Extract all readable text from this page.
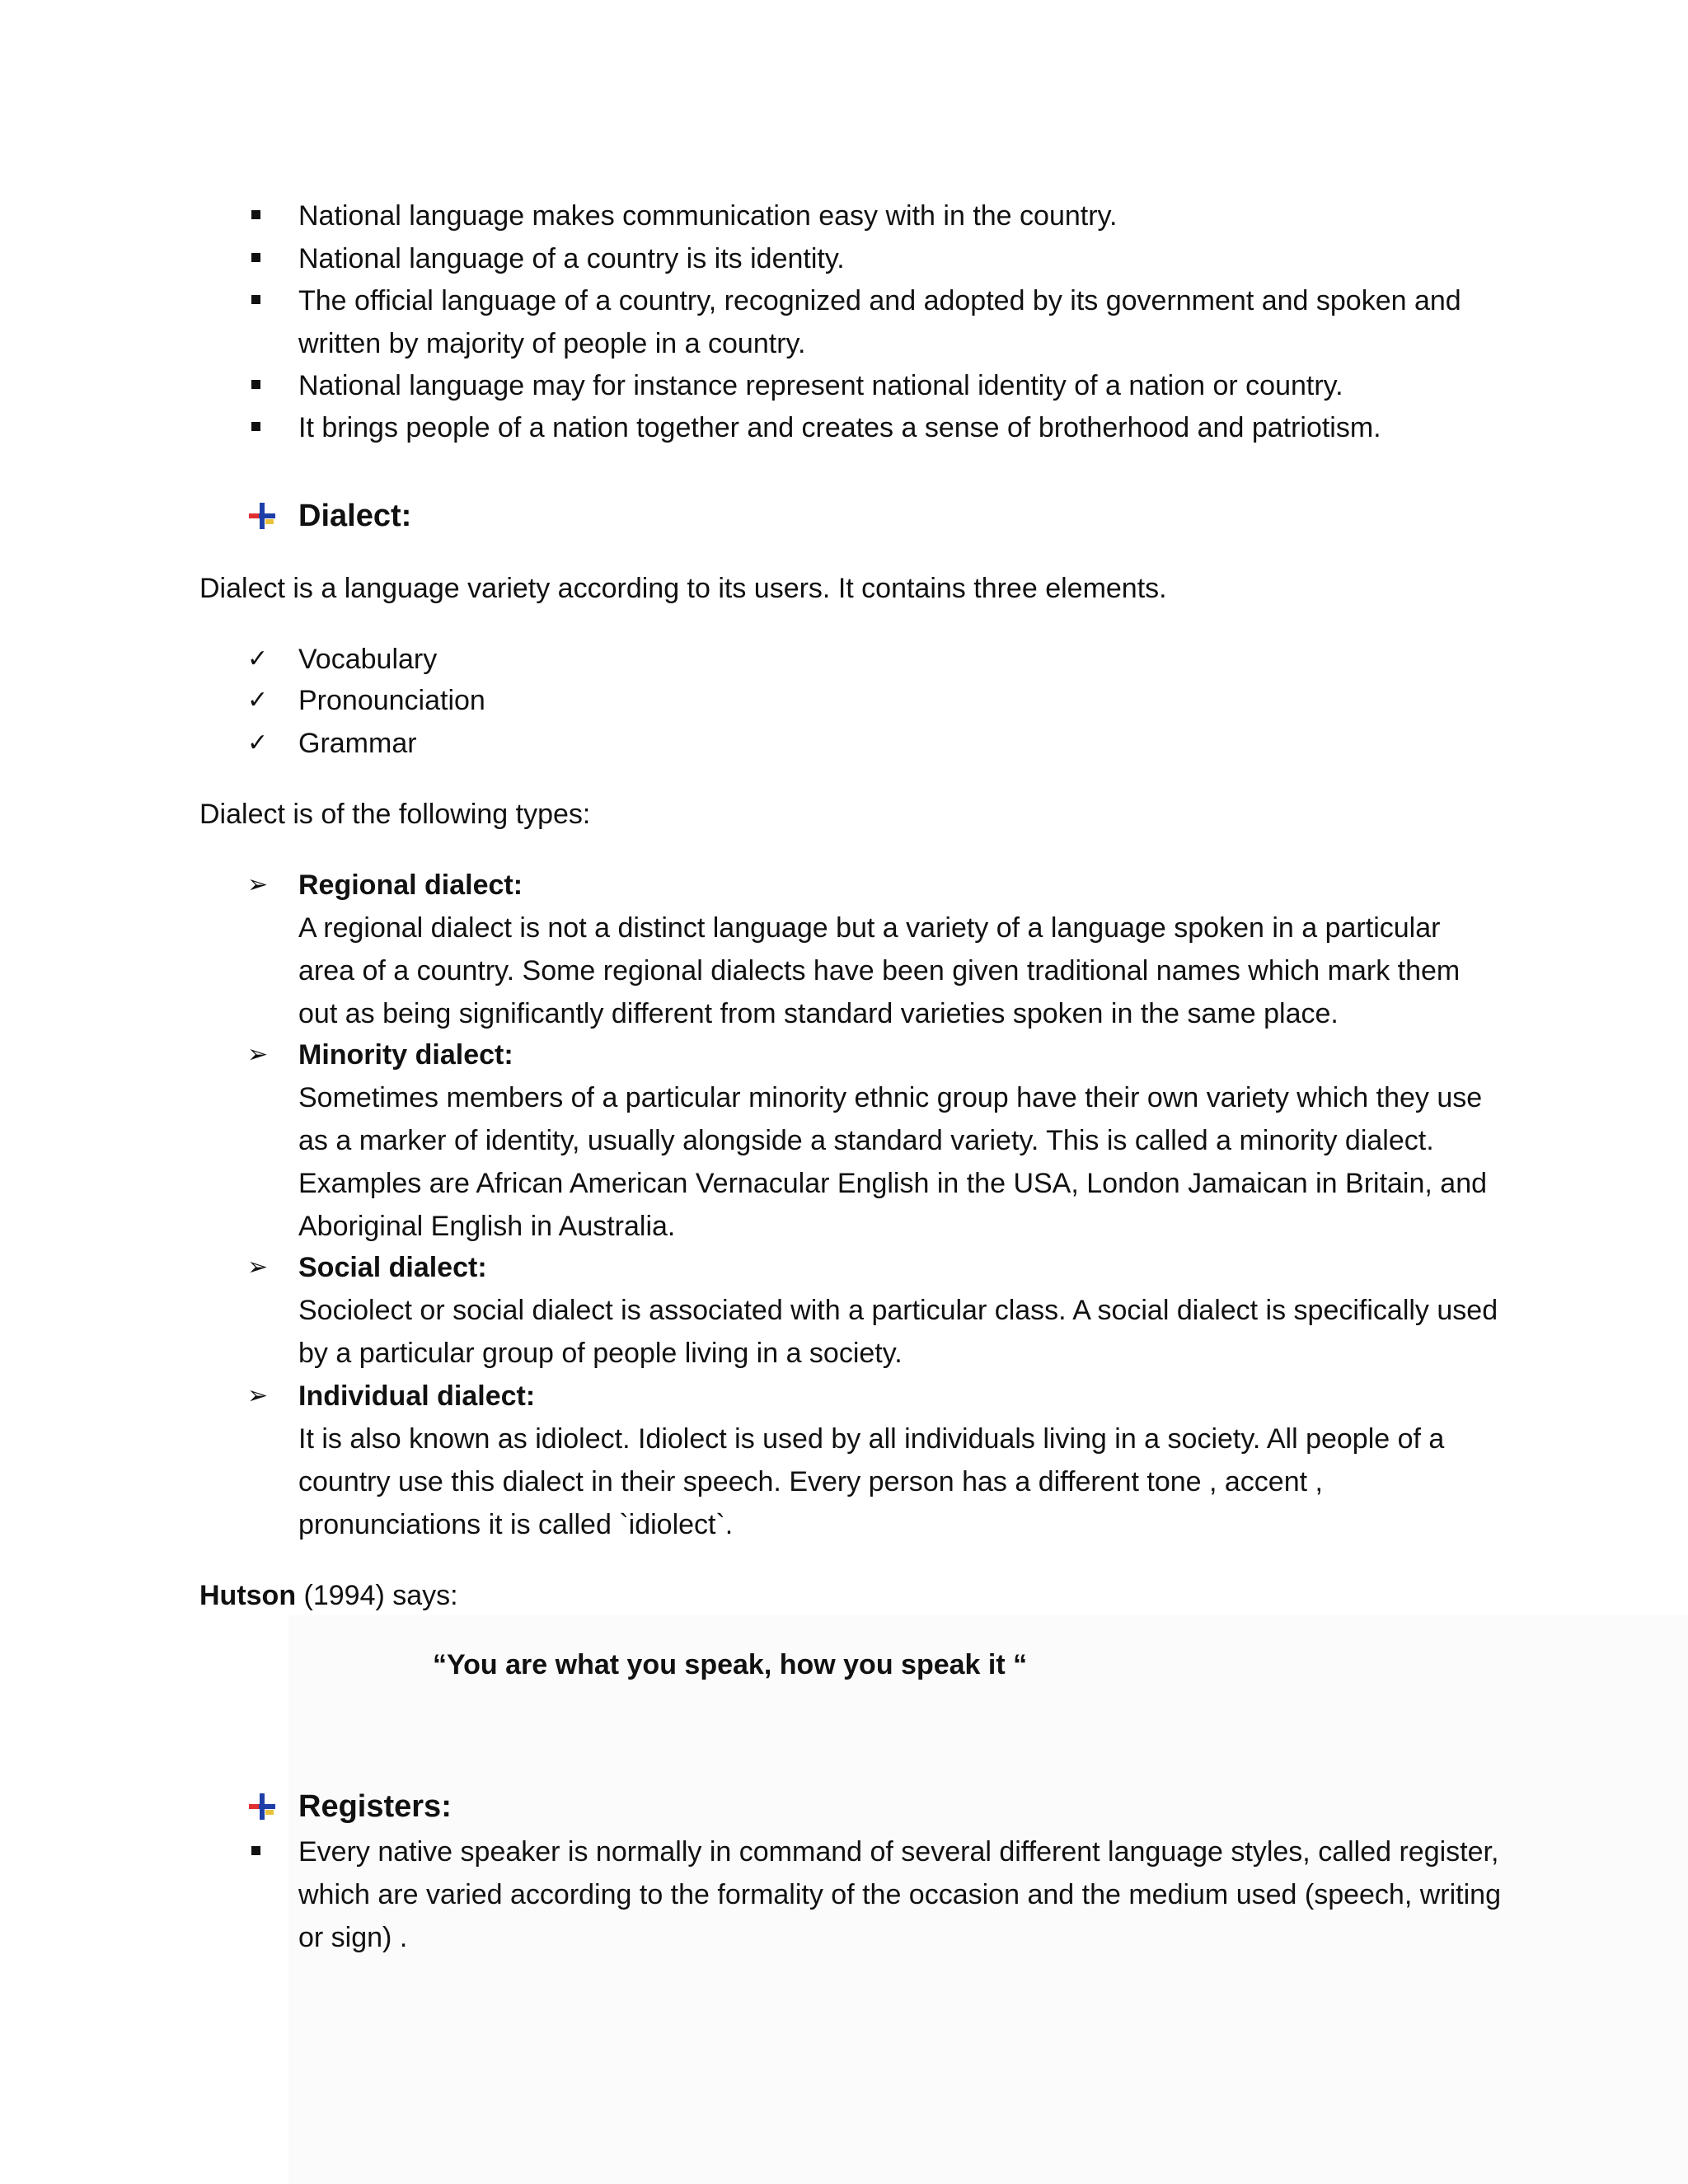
National language makes communication easy with in the country.
National language of a country is its identity.
The official language of a country, recognized and adopted by its government and spoken and written by majority of people in a country.
National language may for instance represent national identity of a nation or country.
It brings people of a nation together and creates a sense of brotherhood and patriotism.
Dialect:
Dialect is a language variety according to its users. It contains three elements.
✓ Vocabulary
✓ Pronounciation
✓ Grammar
Dialect is of the following types:
➢ Regional dialect:
A regional dialect is not a distinct language but a variety of a language spoken in a particular area of a country. Some regional dialects have been given traditional names which mark them out as being significantly different from standard varieties spoken in the same place.
➢ Minority dialect:
Sometimes members of a particular minority ethnic group have their own variety which they use as a marker of identity, usually alongside a standard variety. This is called a minority dialect. Examples are African American Vernacular English in the USA, London Jamaican in Britain, and Aboriginal English in Australia.
➢ Social dialect:
Sociolect or social dialect is associated with a particular class. A social dialect is specifically used by a particular group of people living in a society.
➢ Individual dialect:
It is also known as idiolect. Idiolect is used by all individuals living in a society. All people of a country use this dialect in their speech. Every person has a different tone , accent , pronunciations it is called `idiolect`.
Hutson (1994) says:
“You are what you speak, how you speak it “
Registers:
Every native speaker is normally in command of several different language styles, called register, which are varied according to the formality of the occasion and the medium used (speech, writing or sign) .
